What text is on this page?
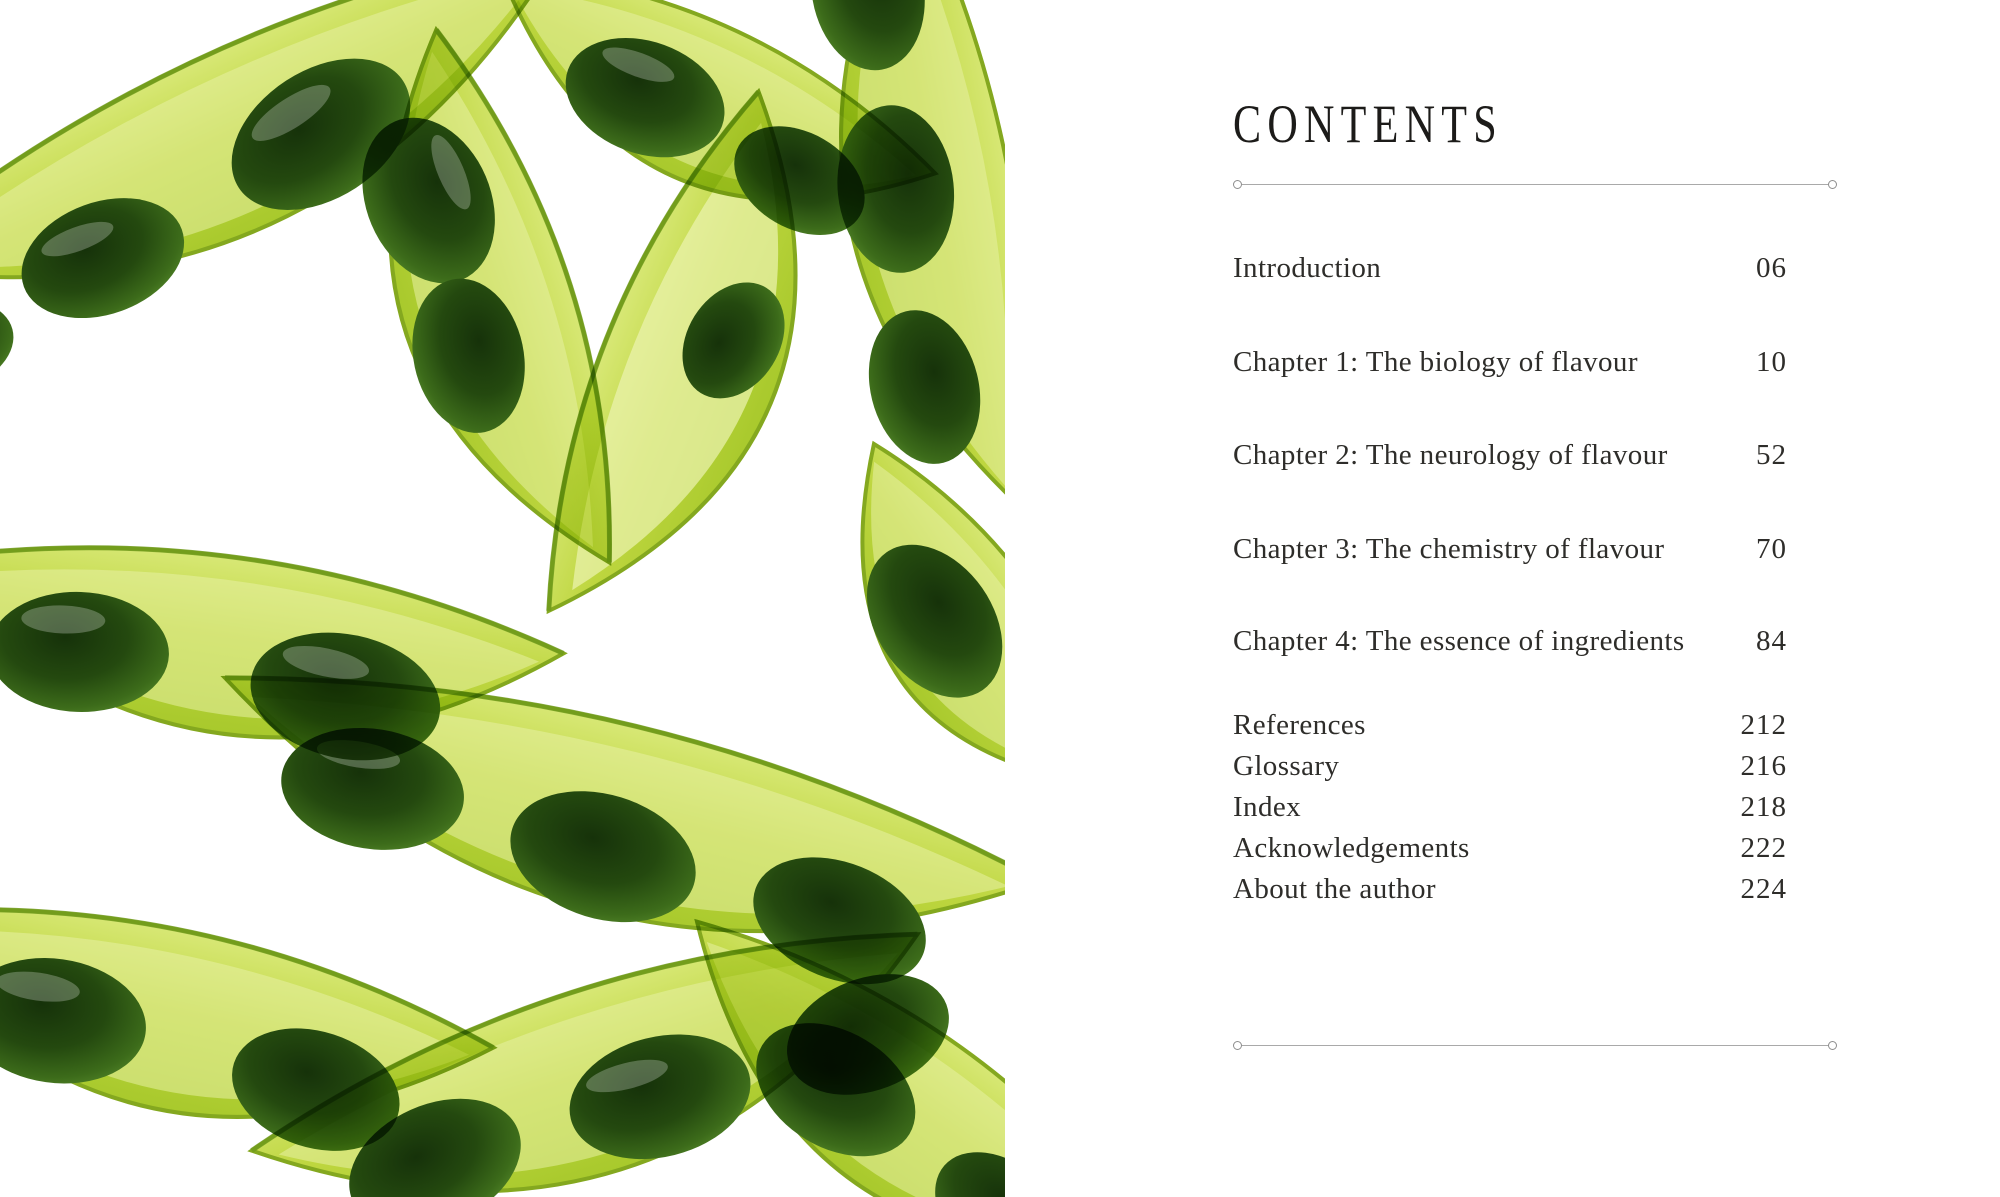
CONTENTS
Introduction	06
Chapter 1: The biology of flavour	10
Chapter 2: The neurology of flavour	52
Chapter 3: The chemistry of flavour	70
Chapter 4: The essence of ingredients 84
References	212
Glossary	216
Index	218
Acknowledgements	222
About the author	224
